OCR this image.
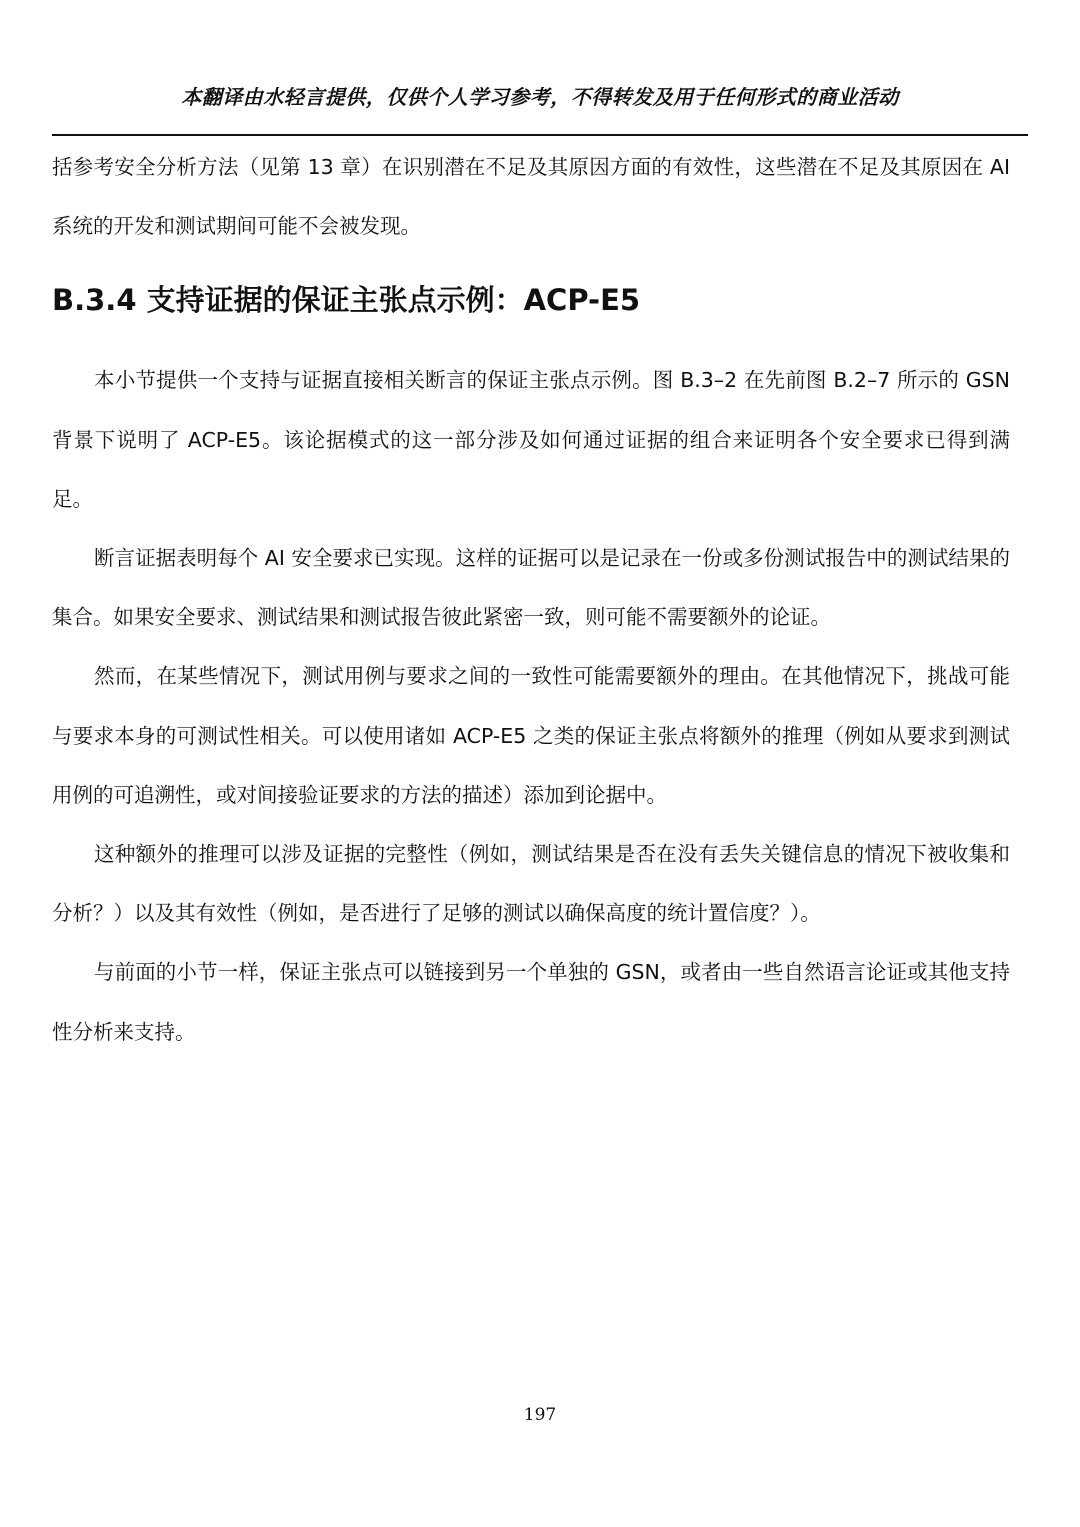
本翻译由水轻言提供，仅供个人学习参考，不得转发及用于任何形式的商业活动

括参考安全分析方法（见第 13 章）在识别潜在不足及其原因方面的有效性，这些潜在不足及其原因在 AI 系统的开发和测试期间可能不会被发现。

B.3.4 支持证据的保证主张点示例：ACP-E5

本小节提供一个支持与证据直接相关断言的保证主张点示例。图 B.3–2 在先前图 B.2–7 所示的 GSN 背景下说明了 ACP-E5。该论据模式的这一部分涉及如何通过证据的组合来证明各个安全要求已得到满足。

断言证据表明每个 AI 安全要求已实现。这样的证据可以是记录在一份或多份测试报告中的测试结果的集合。如果安全要求、测试结果和测试报告彼此紧密一致，则可能不需要额外的论证。

然而，在某些情况下，测试用例与要求之间的一致性可能需要额外的理由。在其他情况下，挑战可能与要求本身的可测试性相关。可以使用诸如 ACP-E5 之类的保证主张点将额外的推理（例如从要求到测试用例的可追溯性，或对间接验证要求的方法的描述）添加到论据中。

这种额外的推理可以涉及证据的完整性（例如，测试结果是否在没有丢失关键信息的情况下被收集和分析？）以及其有效性（例如，是否进行了足够的测试以确保高度的统计置信度？）。

与前面的小节一样，保证主张点可以链接到另一个单独的 GSN，或者由一些自然语言论证或其他支持性分析来支持。

197
